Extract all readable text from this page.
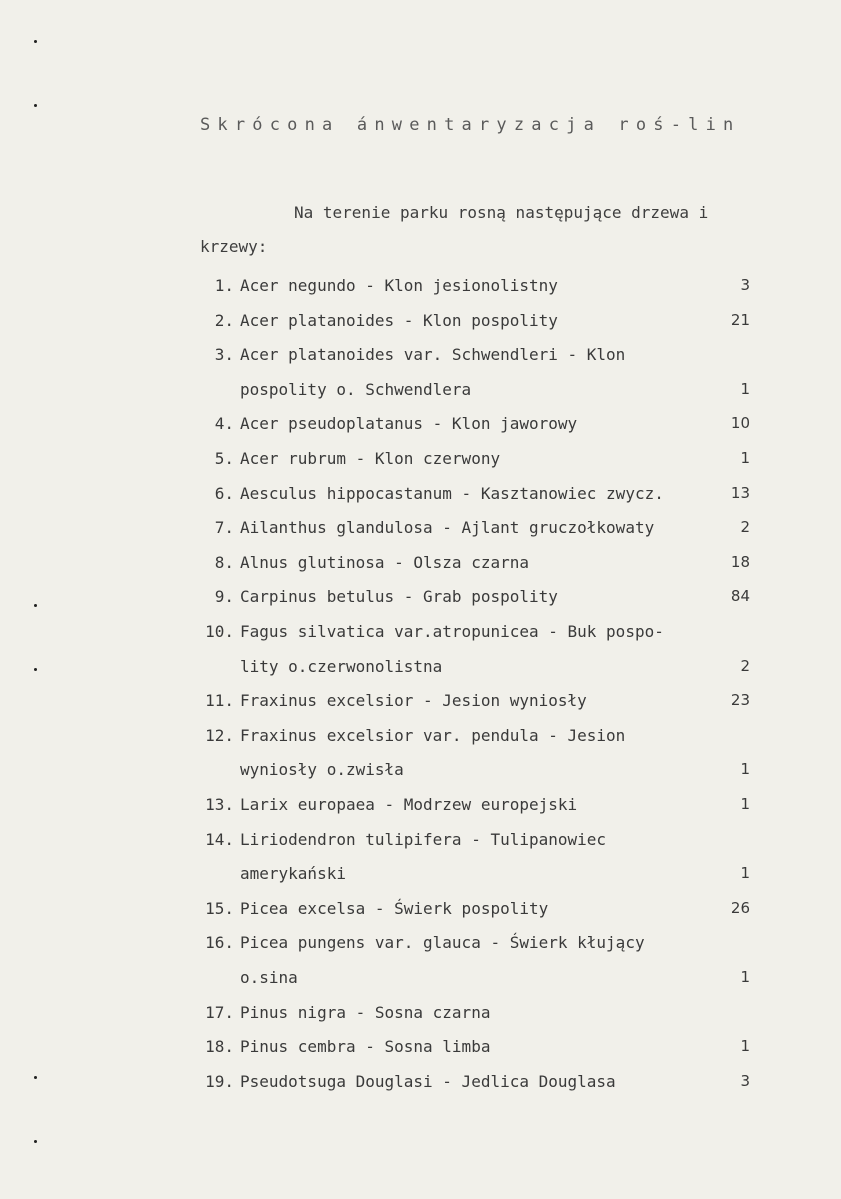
Skrócona ánwentaryzacja roś-lin
Na terenie parku rosną następujące drzewa i
krzewy:
1. Acer negundo - Klon jesionolistny	3
2. Acer platanoides - Klon pospolity	21
3. Acer platanoides var. Schwendleri - Klon
pospolity o. Schwendlera	1
4. Acer pseudoplatanus - Klon jaworowy	10
5. Acer rubrum - Klon czerwony	1
6. Aesculus hippocastanum - Kasztanowiec zwycz.	13
7. Ailanthus glandulosa - Ajlant gruczołkowaty	2
8. Alnus glutinosa - Olsza czarna	18
9. Carpinus betulus - Grab pospolity	84
10. Fagus silvatica var.atropunicea - Buk pospo-
lity o.czerwonolistna	2
11. Fraxinus excelsior - Jesion wyniosły	23
12. Fraxinus excelsior var. pendula - Jesion
wyniosły o.zwisła	1
13. Larix europaea - Modrzew europejski	1
14. Liriodendron tulipifera - Tulipanowiec
amerykański	1
15. Picea excelsa - Świerk pospolity	26
16. Picea pungens var. glauca - Świerk kłujący
o.sina	1
17. Pinus nigra - Sosna czarna
18. Pinus cembra - Sosna limba	1
19. Pseudotsuga Douglasi - Jedlica Douglasa	3
